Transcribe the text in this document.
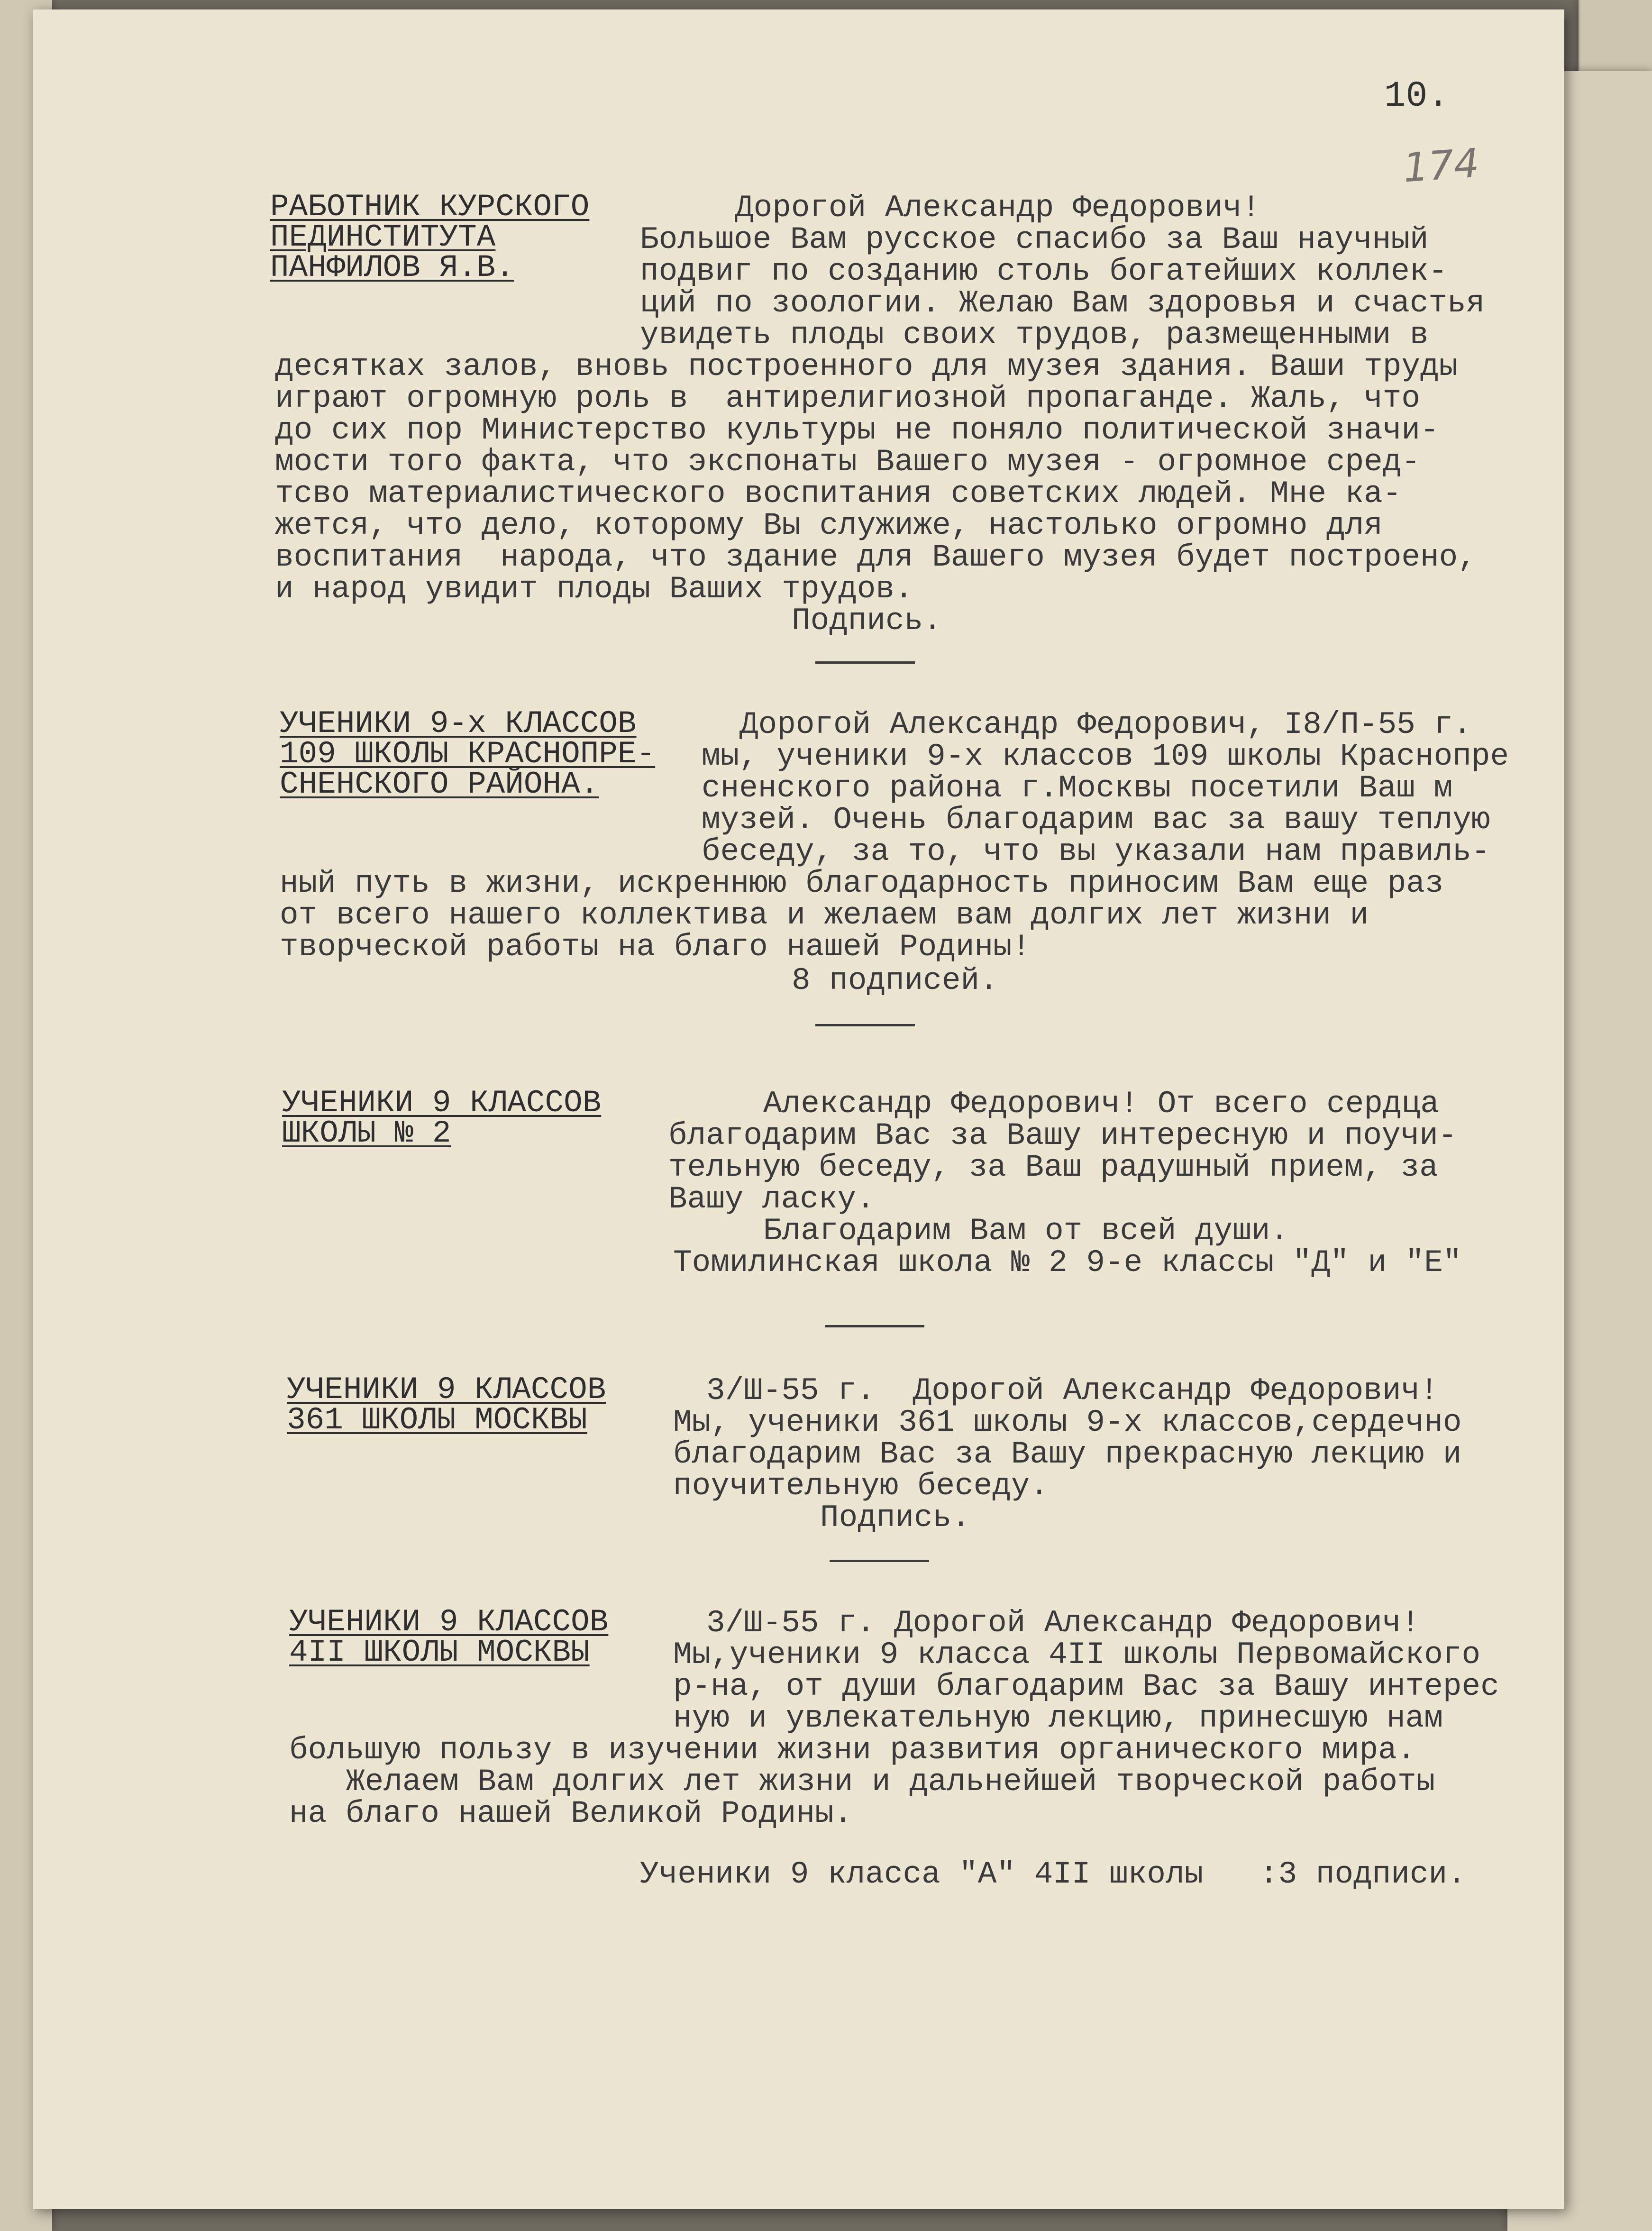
10.
174
РАБОТНИК КУРСКОГО
ПЕДИНСТИТУТА
ПАНФИЛОВ Я.В.
Дорогой Александр Федорович!
Большое Вам русское спасибо за Ваш научный
подвиг по созданию столь богатейших коллек-
ций по зоологии. Желаю Вам здоровья и счастья
увидеть плоды своих трудов, размещенными в
десятках залов, вновь построенного для музея здания. Ваши труды
играют огромную роль в  антирелигиозной пропаганде. Жаль, что
до сих пор Министерство культуры не поняло политической значи-
мости того факта, что экспонаты Вашего музея - огромное сред-
тсво материалистического воспитания советских людей. Мне ка-
жется, что дело, которому Вы служиже, настолько огромно для
воспитания  народа, что здание для Вашего музея будет построено,
и народ увидит плоды Ваших трудов.
Подпись.
УЧЕНИКИ 9-х КЛАССОВ
109 ШКОЛЫ КРАСНОПРЕ-
СНЕНСКОГО РАЙОНА.
Дорогой Александр Федорович, I8/П-55 г.
мы, ученики 9-х классов 109 школы Краснопре
сненского района г.Москвы посетили Ваш м
музей. Очень благодарим вас за вашу теплую
беседу, за то, что вы указали нам правиль-
ный путь в жизни, искреннюю благодарность приносим Вам еще раз
от всего нашего коллектива и желаем вам долгих лет жизни и
творческой работы на благо нашей Родины!
8 подписей.
УЧЕНИКИ 9 КЛАССОВ
ШКОЛЫ № 2
Александр Федорович! От всего сердца
благодарим Вас за Вашу интересную и поучи-
тельную беседу, за Ваш радушный прием, за
Вашу ласку.
Благодарим Вам от всей души.
Томилинская школа № 2 9-е классы "Д" и "Е"
УЧЕНИКИ 9 КЛАССОВ
361 ШКОЛЫ МОСКВЫ
3/Ш-55 г.  Дорогой Александр Федорович!
Мы, ученики 361 школы 9-х классов,сердечно
благодарим Вас за Вашу прекрасную лекцию и
поучительную беседу.
Подпись.
УЧЕНИКИ 9 КЛАССОВ
4II ШКОЛЫ МОСКВЫ
3/Ш-55 г. Дорогой Александр Федорович!
Мы,ученики 9 класса 4II школы Первомайского
р-на, от души благодарим Вас за Вашу интерес
ную и увлекательную лекцию, принесшую нам
большую пользу в изучении жизни развития органического мира.
Желаем Вам долгих лет жизни и дальнейшей творческой работы
на благо нашей Великой Родины.
Ученики 9 класса "А" 4II школы   :3 подписи.
